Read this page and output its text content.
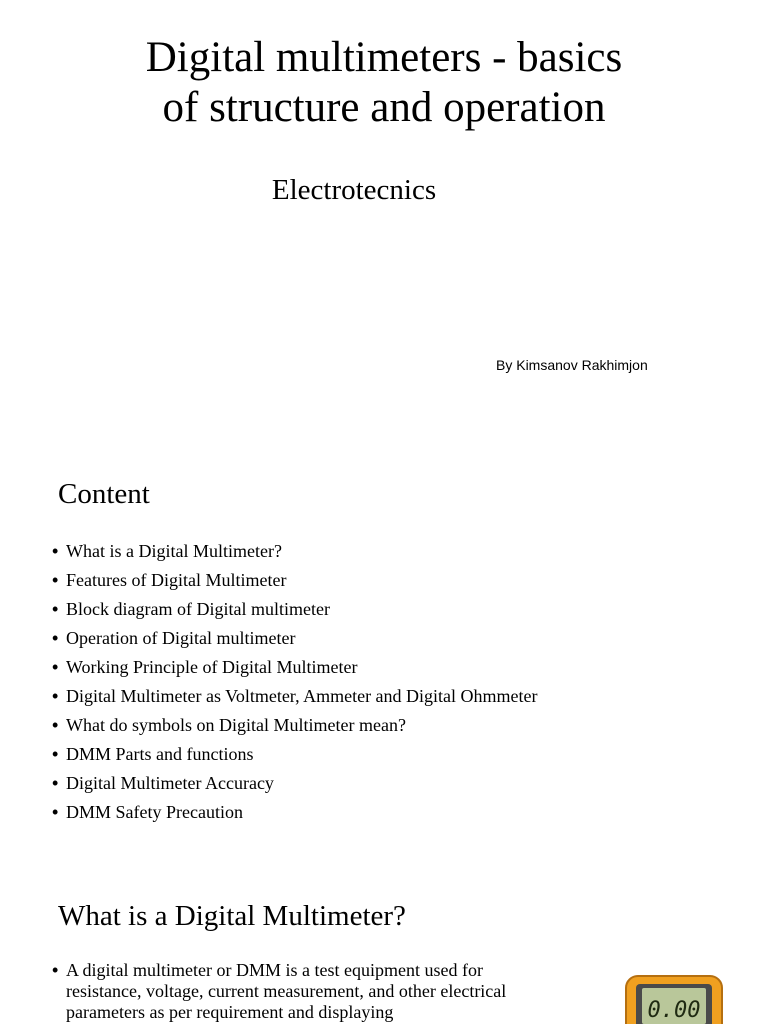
Digital multimeters - basics
of structure and operation
Electrotecnics
By Kimsanov Rakhimjon
Content
• What is a Digital Multimeter?
• Features of Digital Multimeter
• Block diagram of Digital multimeter
• Operation of Digital multimeter
• Working Principle of Digital Multimeter
• Digital Multimeter as Voltmeter, Ammeter and Digital Ohmmeter
• What do symbols on Digital Multimeter mean?
• DMM Parts and functions
• Digital Multimeter Accuracy
• DMM Safety Precaution
What is a Digital Multimeter?

• A digital multimeter or DMM is a test equipment used for resistance, voltage, current measurement, and other electrical parameters as per requirement and displaying	0.00
